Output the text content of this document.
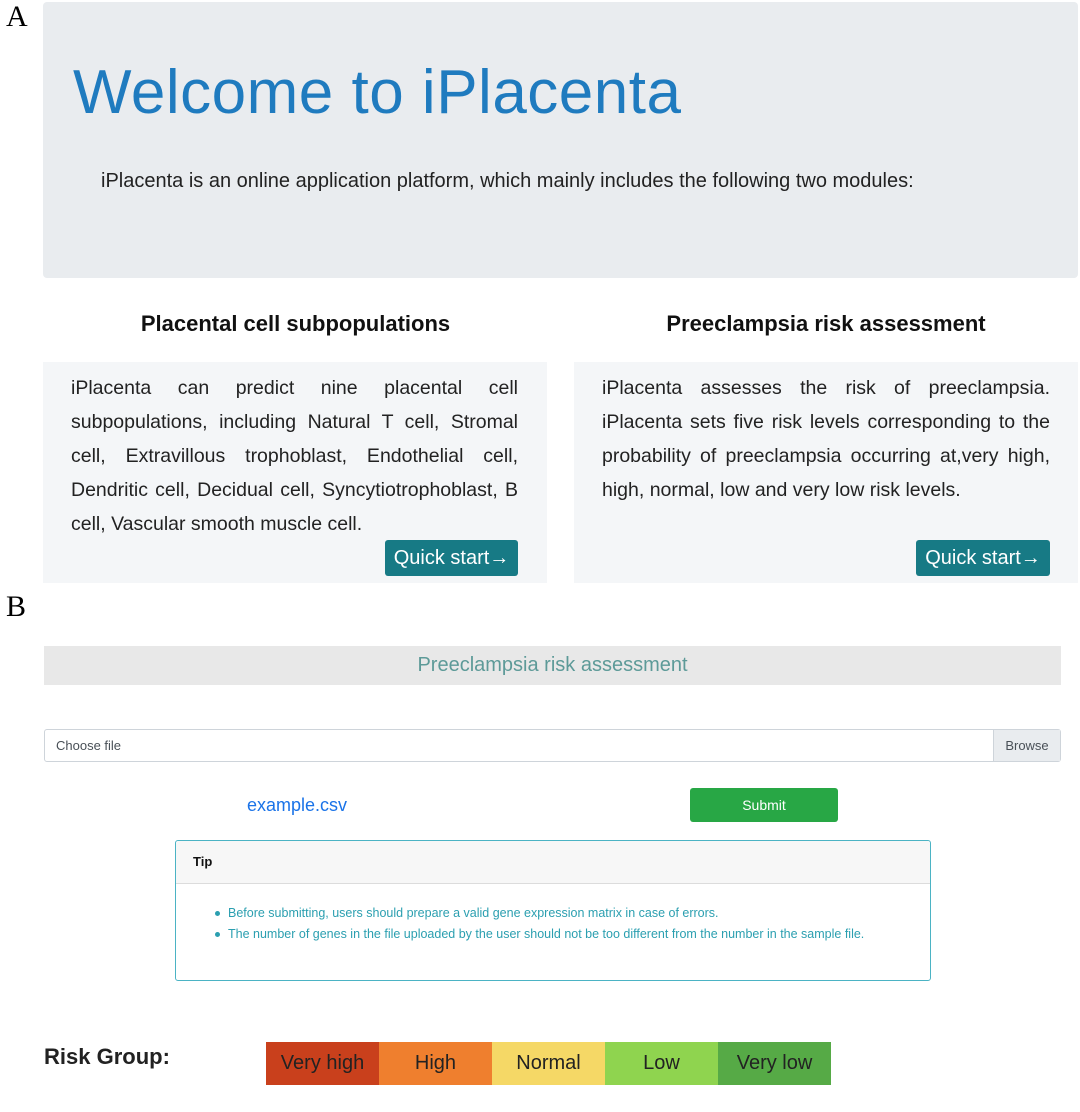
A
Welcome to iPlacenta
iPlacenta is an online application platform, which mainly includes the following two modules:
Placental cell subpopulations	Preeclampsia risk assessment
iPlacenta can predict nine placental cell subpopulations, including Natural T cell, Stromal cell, Extravillous trophoblast, Endothelial cell, Dendritic cell, Decidual cell, Syncytiotrophoblast, B cell, Vascular smooth muscle cell.
Quick start→
iPlacenta assesses the risk of preeclampsia. iPlacenta sets five risk levels corresponding to the probability of preeclampsia occurring at,very high, high, normal, low and very low risk levels.
Quick start→
B
Preeclampsia risk assessment
Choose file	Browse
example.csv	Submit
Tip
Before submitting, users should prepare a valid gene expression matrix in case of errors.
The number of genes in the file uploaded by the user should not be too different from the number in the sample file.
Risk Group:	Very high	High	Normal	Low	Very low
